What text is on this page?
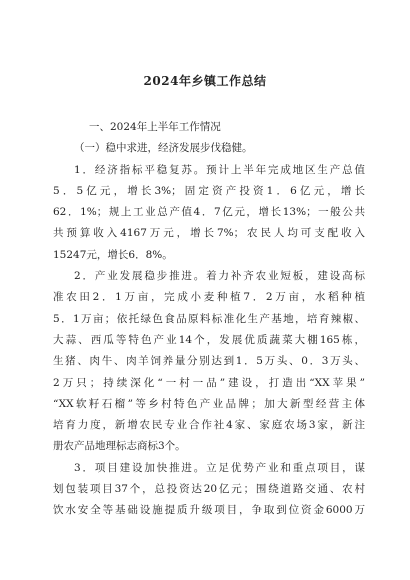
2024年乡镇工作总结
一、2024年上半年工作情况
（一）稳中求进，经济发展步伐稳健。
1．经济指标平稳复苏。预计上半年完成地区生产总值
5．5亿元，增长3%；固定资产投资1．6亿元，增长
62．1%；规上工业总产值4．7亿元，增长13%；一般公共
共预算收入4167万元，增长7%；农民人均可支配收入
15247元，增长6．8%。
2．产业发展稳步推进。着力补齐农业短板，建设高标
准农田2．1万亩，完成小麦种植7．2万亩，水稻种植
5．1万亩；依托绿色食品原料标准化生产基地，培育辣椒、
大蒜、西瓜等特色产业14个，发展优质蔬菜大棚165栋，
生猪、肉牛、肉羊饲养量分别达到1．5万头、0．3万头、
2万只；持续深化“一村一品”建设，打造出“XX苹果”
“XX软籽石榴”等乡村特色产业品牌；加大新型经营主体
培育力度，新增农民专业合作社4家、家庭农场3家，新注
册农产品地理标志商标3个。
3．项目建设加快推进。立足优势产业和重点项目，谋
划包装项目37个，总投资达20亿元；围绕道路交通、农村
饮水安全等基础设施提质升级项目，争取到位资金6000万
